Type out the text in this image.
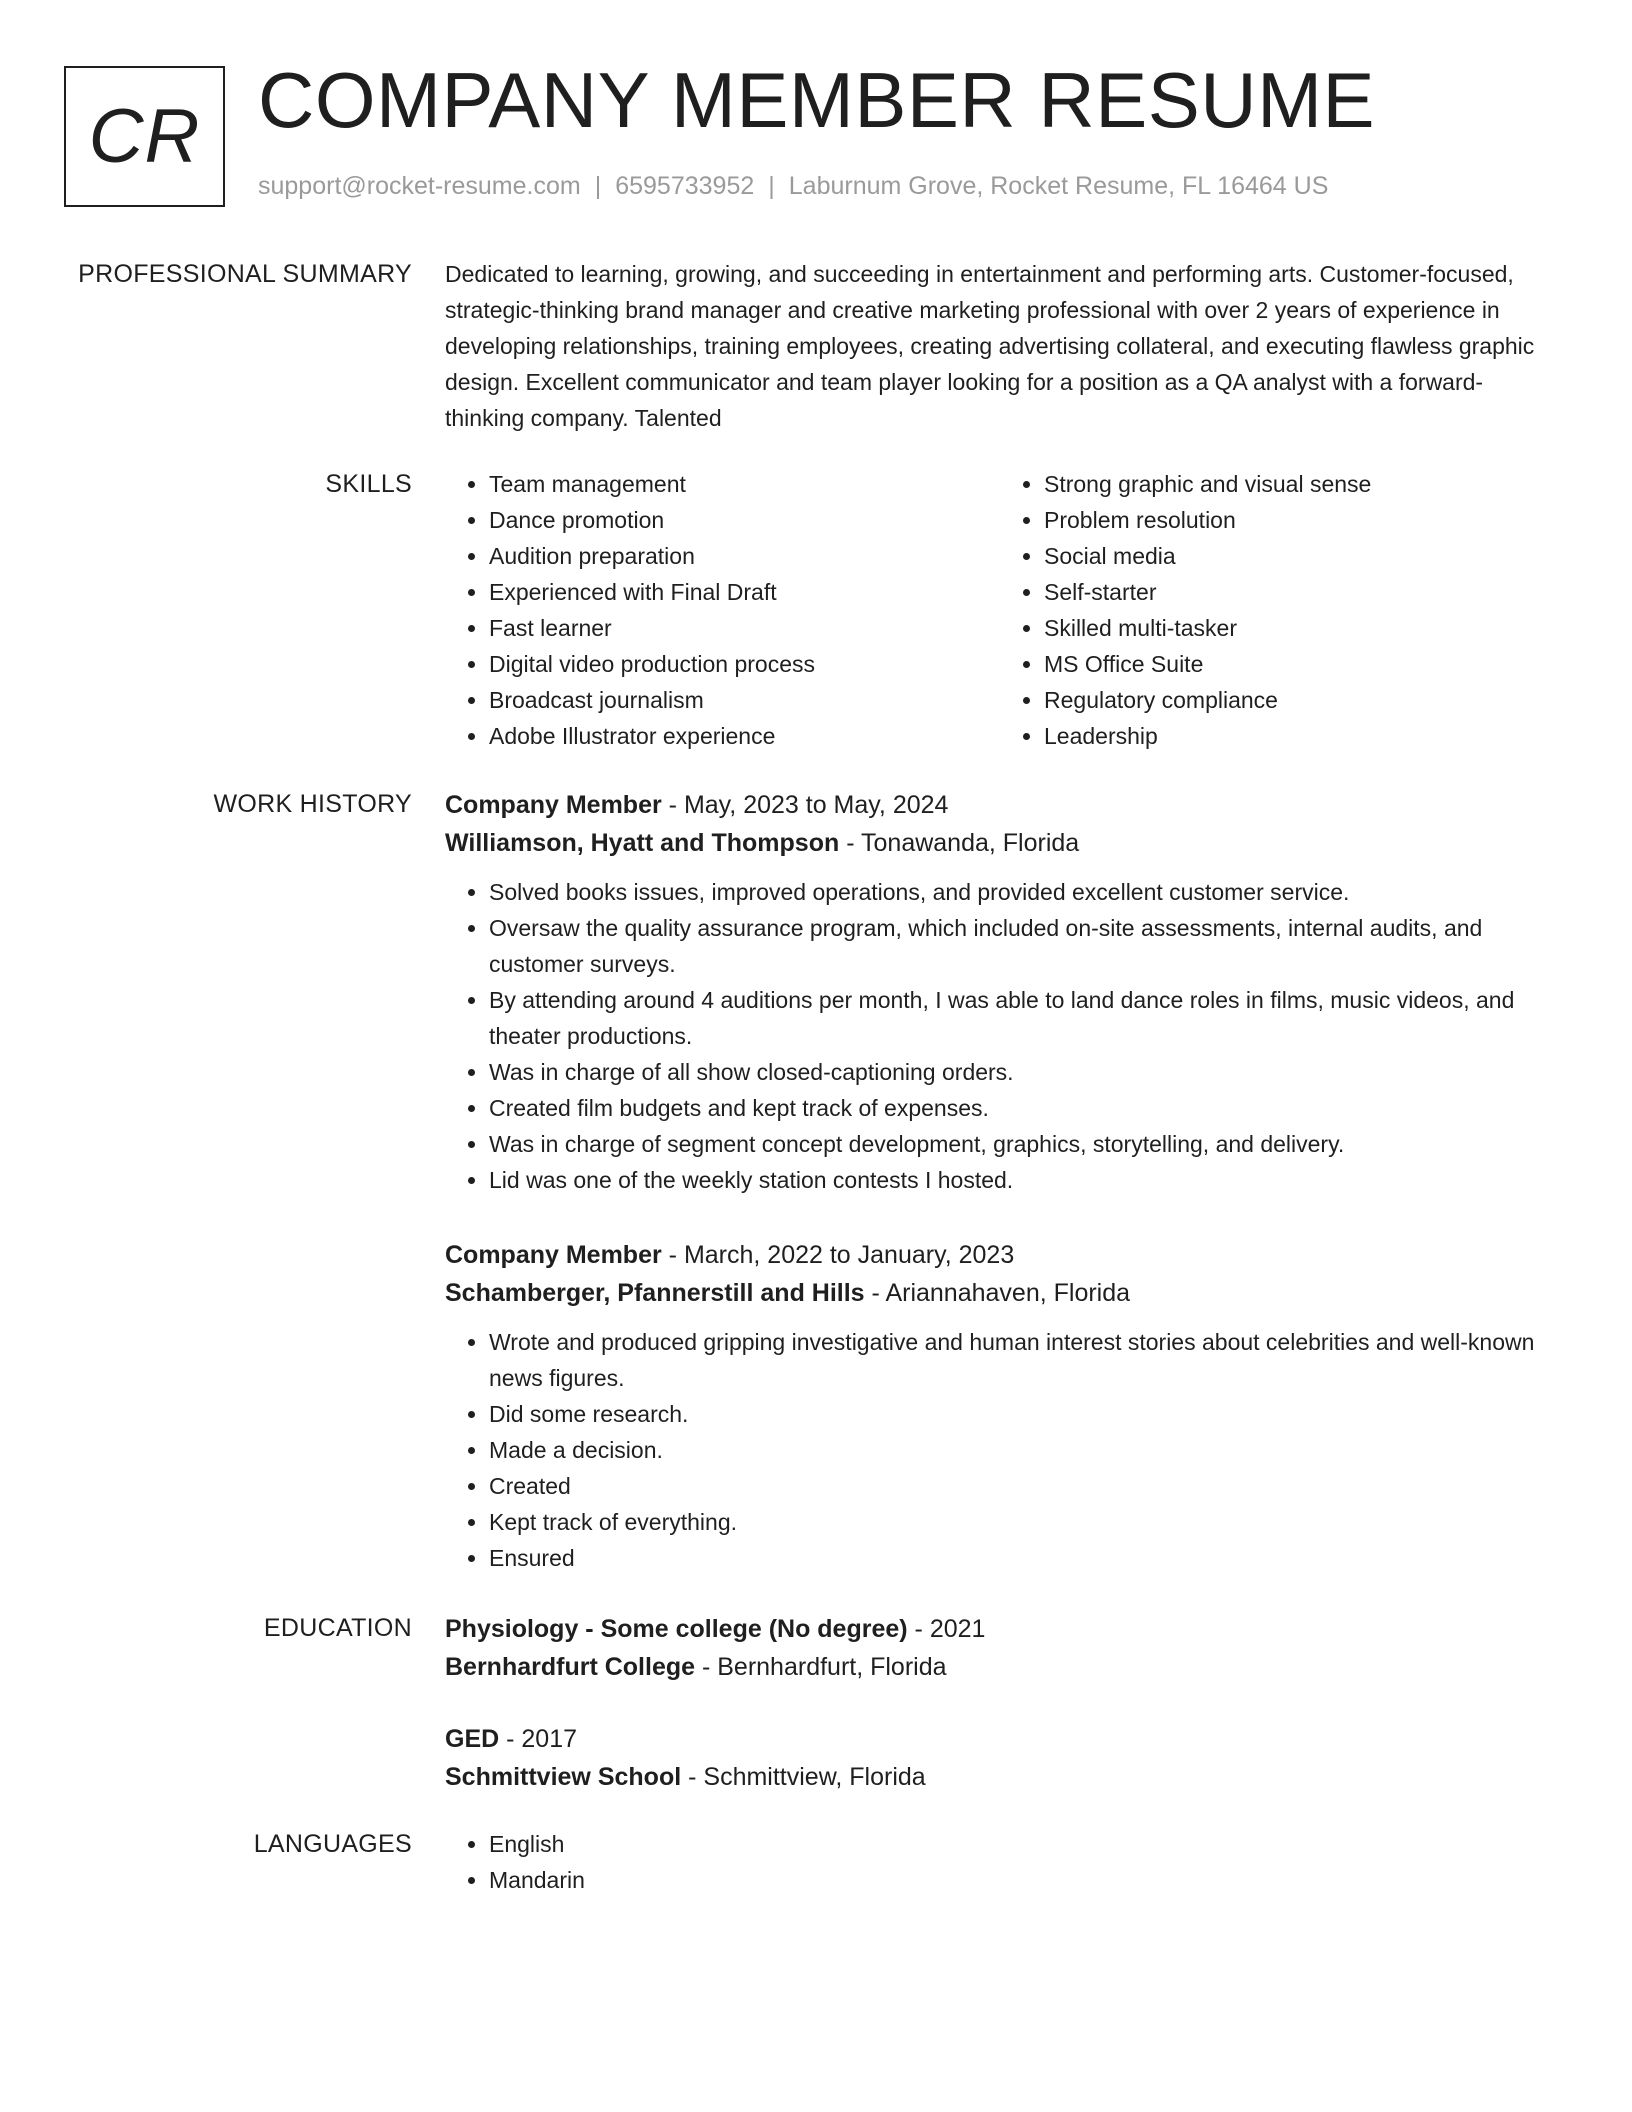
CR COMPANY MEMBER RESUME
support@rocket-resume.com | 6595733952 | Laburnum Grove, Rocket Resume, FL 16464 US
PROFESSIONAL SUMMARY Dedicated to learning, growing, and succeeding in entertainment and performing arts. Customer-focused, strategic-thinking brand manager and creative marketing professional with over 2 years of experience in developing relationships, training employees, creating advertising collateral, and executing flawless graphic design. Excellent communicator and team player looking for a position as a QA analyst with a forward-thinking company. Talented
SKILLS	• Team management
• Dance promotion
• Audition preparation
• Experienced with Final Draft
• Fast learner
• Digital video production process
• Broadcast journalism
• Adobe Illustrator experience
• Strong graphic and visual sense
• Problem resolution
• Social media
• Self-starter
• Skilled multi-tasker
• MS Office Suite
• Regulatory compliance
• Leadership
WORK HISTORY Company Member - May, 2023 to May, 2024
Williamson, Hyatt and Thompson - Tonawanda, Florida
• Solved books issues, improved operations, and provided excellent customer service.
• Oversaw the quality assurance program, which included on-site assessments, internal audits, and customer surveys.
• By attending around 4 auditions per month, I was able to land dance roles in films, music videos, and theater productions.
• Was in charge of all show closed-captioning orders.
• Created film budgets and kept track of expenses.
• Was in charge of segment concept development, graphics, storytelling, and delivery.
• Lid was one of the weekly station contests I hosted.
Company Member - March, 2022 to January, 2023
Schamberger, Pfannerstill and Hills - Ariannahaven, Florida
• Wrote and produced gripping investigative and human interest stories about celebrities and well-known news figures.
• Did some research.
• Made a decision.
• Created
• Kept track of everything.
• Ensured
EDUCATION Physiology - Some college (No degree) - 2021
Bernhardfurt College - Bernhardfurt, Florida
GED - 2017
Schmittview School - Schmittview, Florida
LANGUAGES	• English
• Mandarin
